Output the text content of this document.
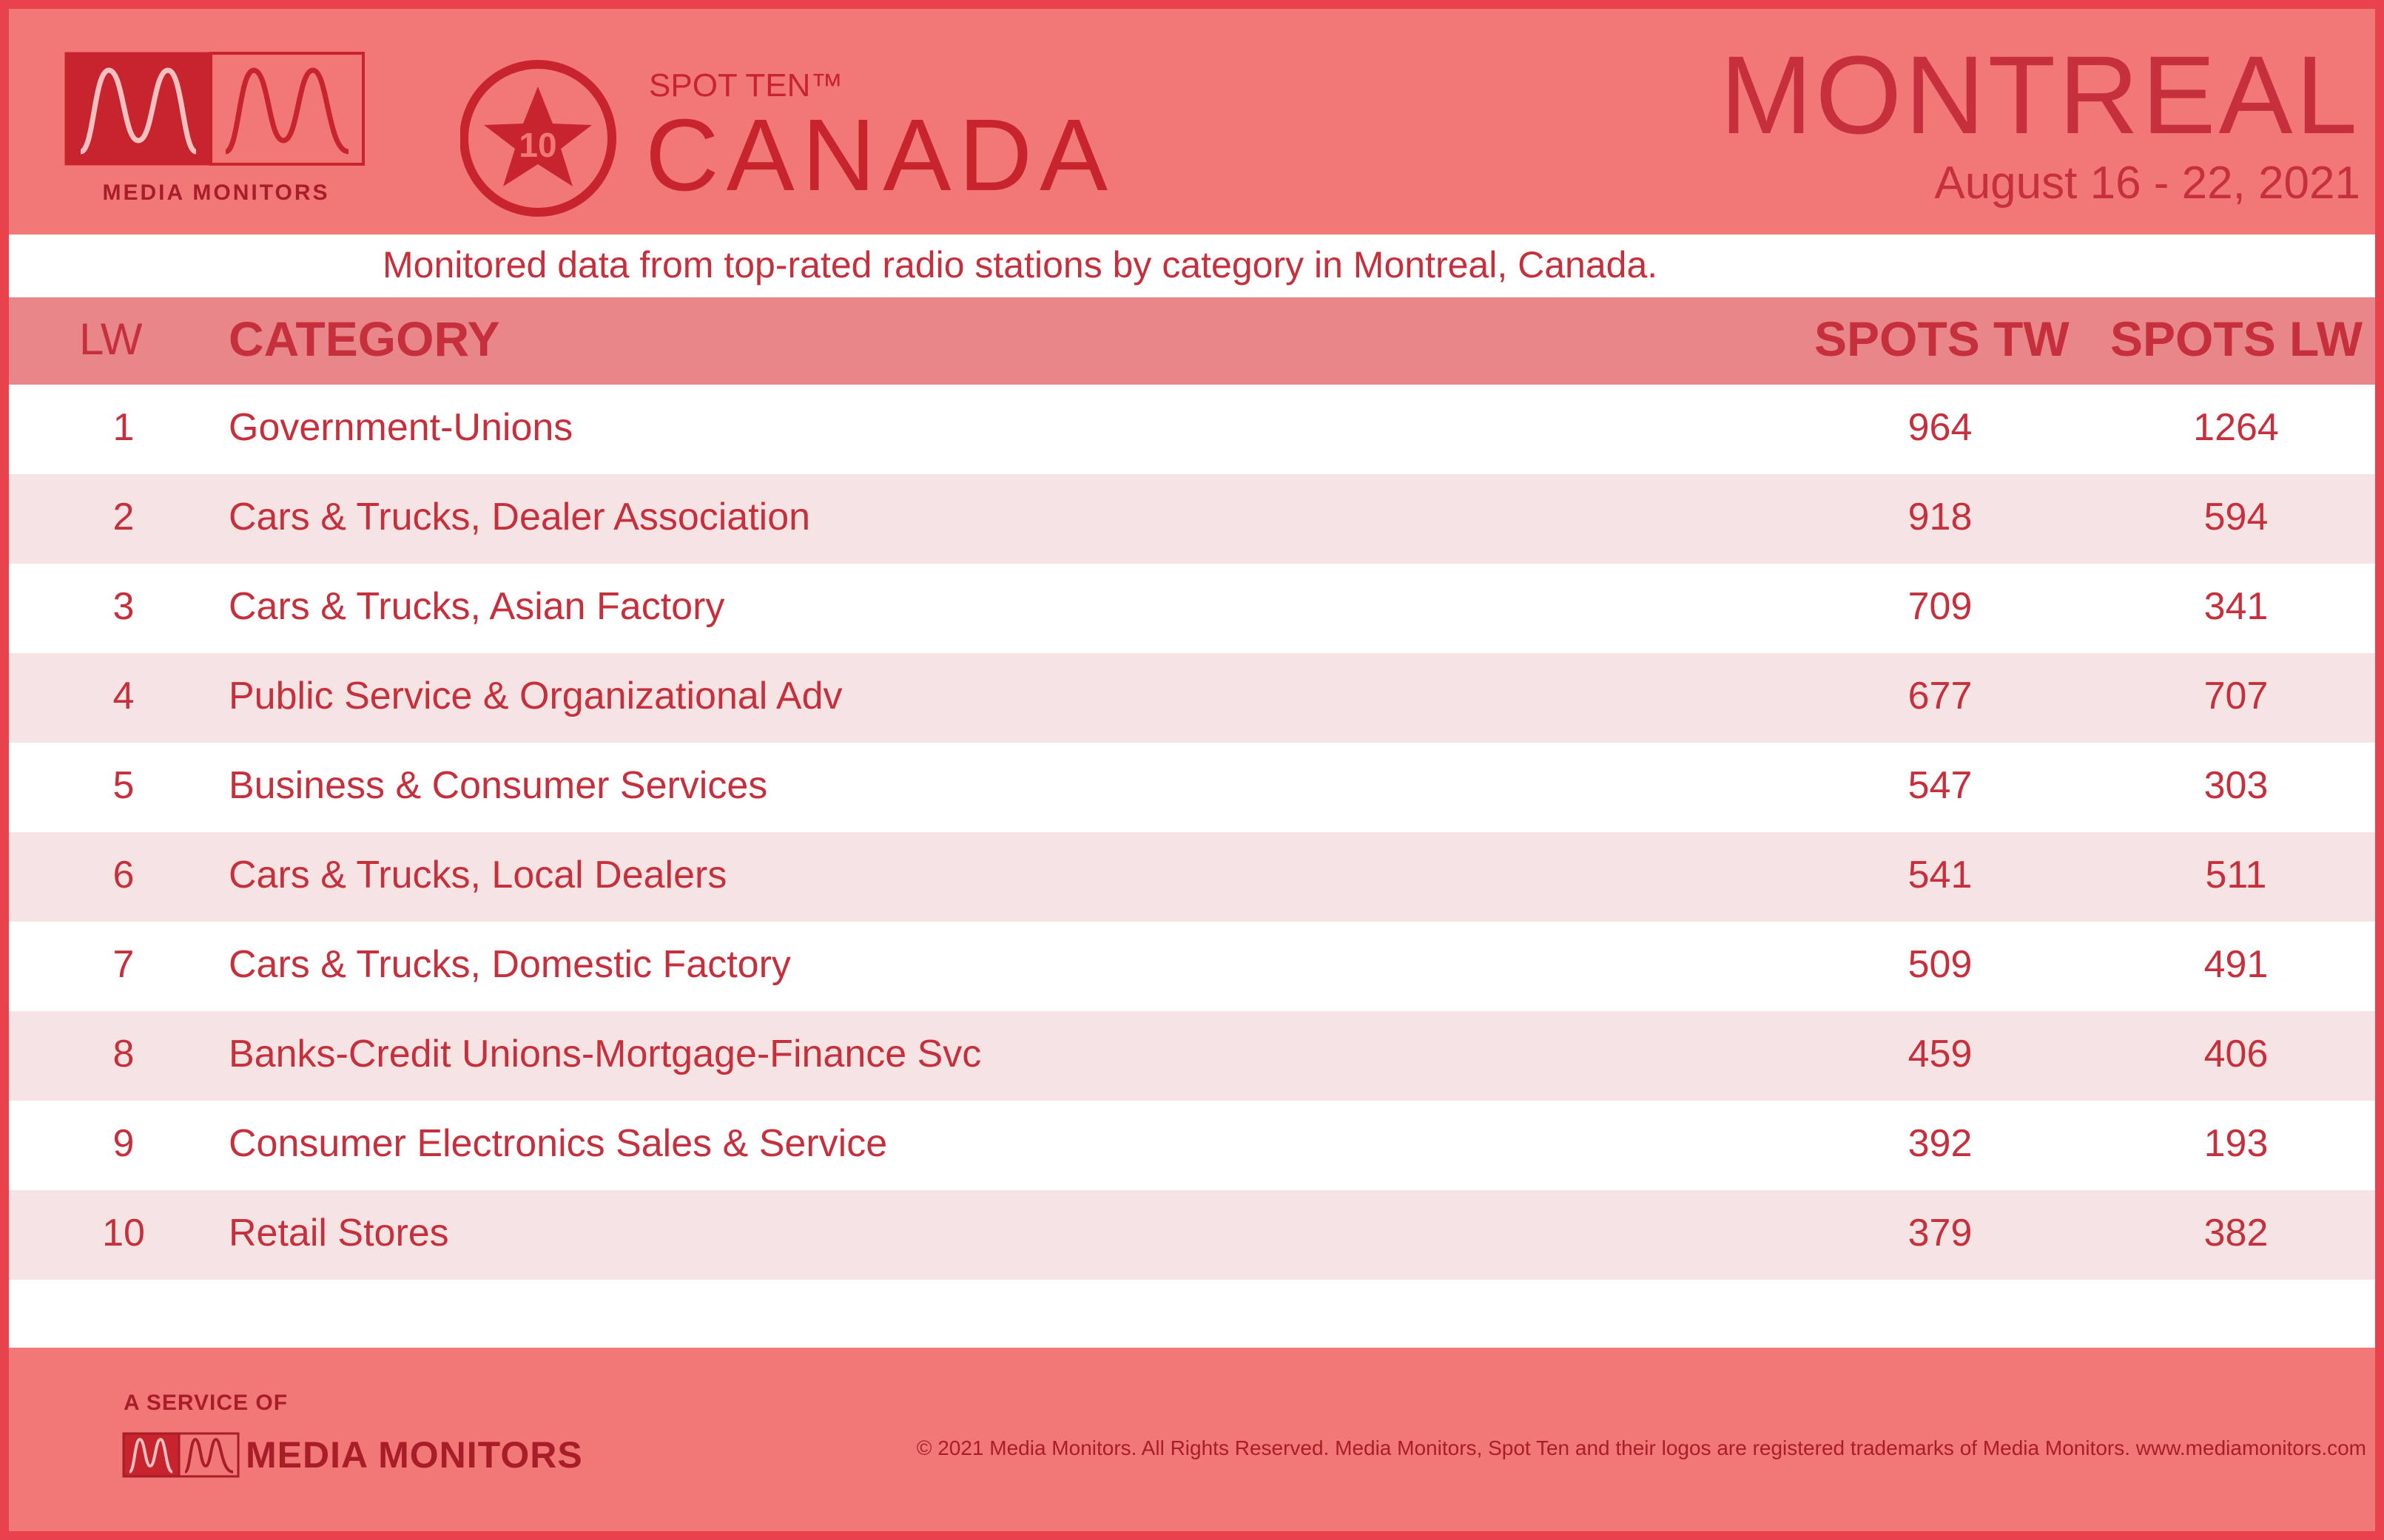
MEDIA MONITORS
10
SPOT TEN™
CANADA	MONTREAL
August 16 - 22, 2021
Monitored data from top-rated radio stations by category in Montreal, Canada.
LW CATEGORY	SPOTS TW SPOTS LW
1	Government-Unions	964	1264
2	Cars & Trucks, Dealer Association	918	594
3	Cars & Trucks, Asian Factory	709	341
4	Public Service & Organizational Adv	677	707
5	Business & Consumer Services	547	303
6	Cars & Trucks, Local Dealers	541	511
7	Cars & Trucks, Domestic Factory	509	491
8	Banks-Credit Unions-Mortgage-Finance Svc	459	406
9	Consumer Electronics Sales & Service	392	193
10	Retail Stores	379	382
A SERVICE OF
MEDIA MONITORS	© 2021 Media Monitors. All Rights Reserved. Media Monitors, Spot Ten and their logos are registered trademarks of Media Monitors. www.mediamonitors.com
